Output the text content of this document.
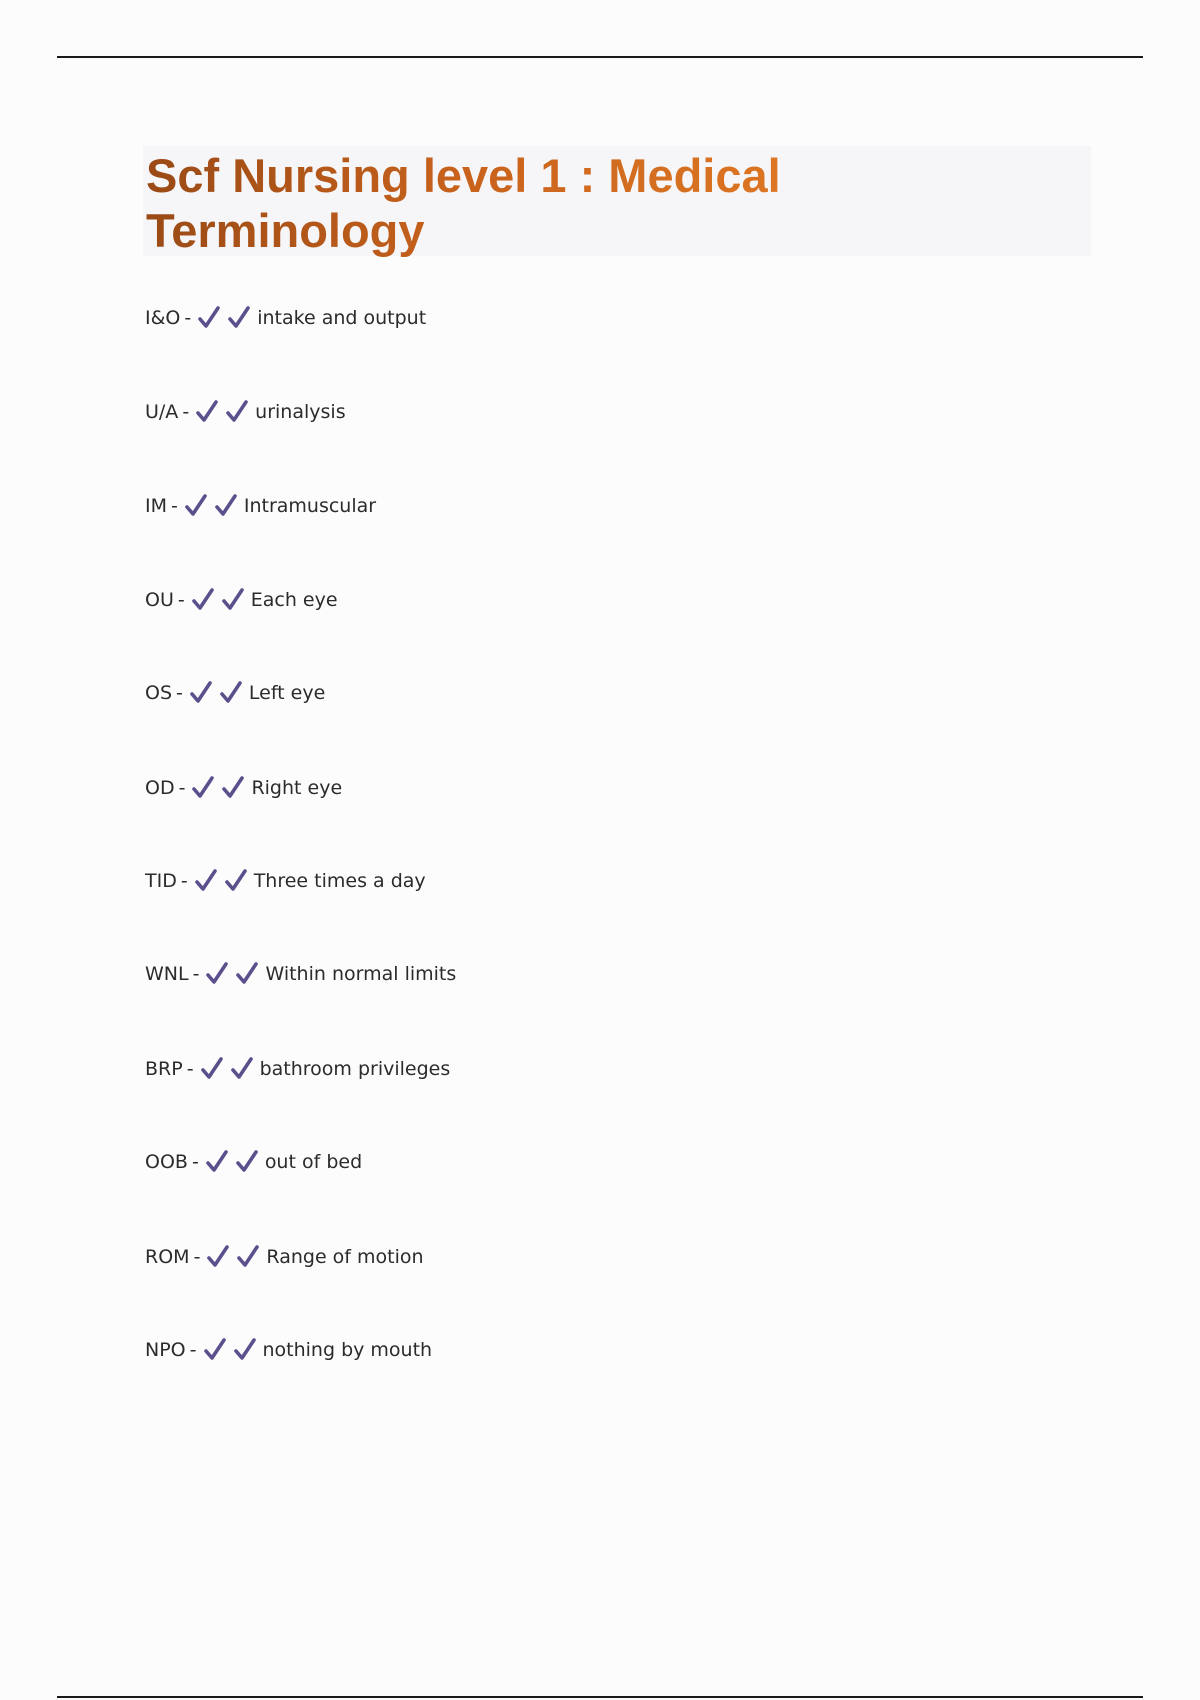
Scf Nursing level 1 : Medical Terminology
I&O -	intake and output
U/A -	urinalysis
IM -	Intramuscular
OU -	Each eye
OS -	Left eye
OD -	Right eye
TID -	Three times a day
WNL -	Within normal limits
BRP -	bathroom privileges
OOB -	out of bed
ROM -	Range of motion
NPO -	nothing by mouth
